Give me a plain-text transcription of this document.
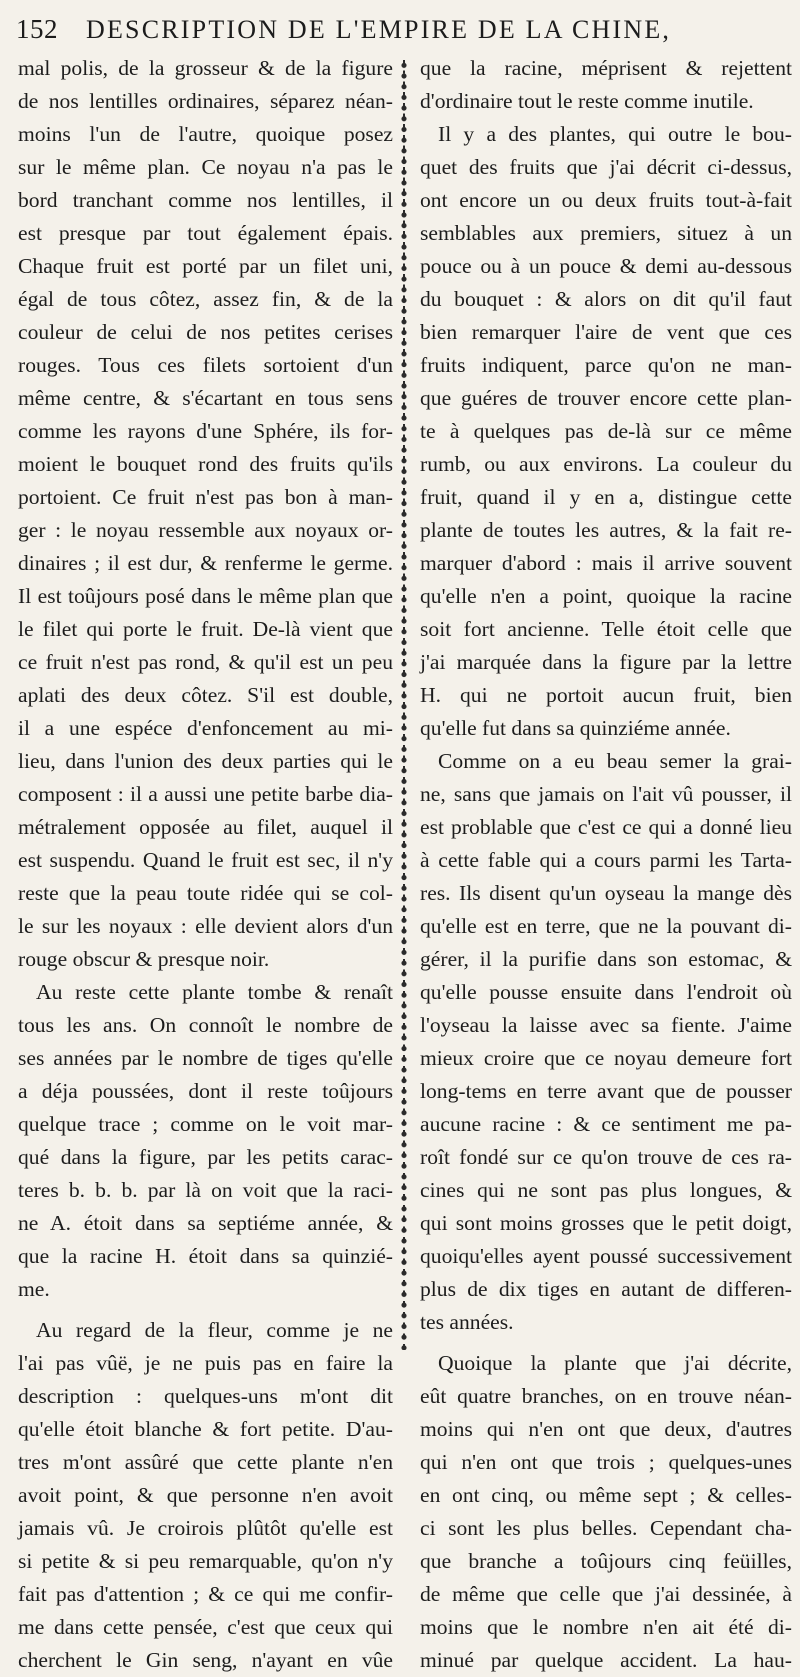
152 DESCRIPTION DE L'EMPIRE DE LA CHINE,
mal polis, de la grosseur & de la figure
de nos lentilles ordinaires, séparez néan-
moins l'un de l'autre, quoique posez
sur le même plan. Ce noyau n'a pas le
bord tranchant comme nos lentilles, il
est presque par tout également épais.
Chaque fruit est porté par un filet uni,
égal de tous côtez, assez fin, & de la
couleur de celui de nos petites cerises
rouges. Tous ces filets sortoient d'un
même centre, & s'écartant en tous sens
comme les rayons d'une Sphére, ils for-
moient le bouquet rond des fruits qu'ils
portoient. Ce fruit n'est pas bon à man-
ger : le noyau ressemble aux noyaux or-
dinaires ; il est dur, & renferme le germe.
Il est toûjours posé dans le même plan que
le filet qui porte le fruit. De-là vient que
ce fruit n'est pas rond, & qu'il est un peu
aplati des deux côtez. S'il est double,
il a une espéce d'enfoncement au mi-
lieu, dans l'union des deux parties qui le
composent : il a aussi une petite barbe dia-
métralement opposée au filet, auquel il
est suspendu. Quand le fruit est sec, il n'y
reste que la peau toute ridée qui se col-
le sur les noyaux : elle devient alors d'un
rouge obscur & presque noir.
Au reste cette plante tombe & renaît
tous les ans. On connoît le nombre de
ses années par le nombre de tiges qu'elle
a déja poussées, dont il reste toûjours
quelque trace ; comme on le voit mar-
qué dans la figure, par les petits carac-
teres b. b. b. par là on voit que la raci-
ne A. étoit dans sa septiéme année, &
que la racine H. étoit dans sa quinzié-
me.
Au regard de la fleur, comme je ne
l'ai pas vûë, je ne puis pas en faire la
description : quelques-uns m'ont dit
qu'elle étoit blanche & fort petite. D'au-
tres m'ont assûré que cette plante n'en
avoit point, & que personne n'en avoit
jamais vû. Je croirois plûtôt qu'elle est
si petite & si peu remarquable, qu'on n'y
fait pas d'attention ; & ce qui me confir-
me dans cette pensée, c'est que ceux qui
cherchent le Gin seng, n'ayant en vûe
que la racine, méprisent & rejettent
d'ordinaire tout le reste comme inutile.
Il y a des plantes, qui outre le bou-
quet des fruits que j'ai décrit ci-dessus,
ont encore un ou deux fruits tout-à-fait
semblables aux premiers, situez à un
pouce ou à un pouce & demi au-dessous
du bouquet : & alors on dit qu'il faut
bien remarquer l'aire de vent que ces
fruits indiquent, parce qu'on ne man-
que guéres de trouver encore cette plan-
te à quelques pas de-là sur ce même
rumb, ou aux environs. La couleur du
fruit, quand il y en a, distingue cette
plante de toutes les autres, & la fait re-
marquer d'abord : mais il arrive souvent
qu'elle n'en a point, quoique la racine
soit fort ancienne. Telle étoit celle que
j'ai marquée dans la figure par la lettre
H. qui ne portoit aucun fruit, bien
qu'elle fut dans sa quinziéme année.
Comme on a eu beau semer la grai-
ne, sans que jamais on l'ait vû pousser, il
est problable que c'est ce qui a donné lieu
à cette fable qui a cours parmi les Tarta-
res. Ils disent qu'un oyseau la mange dès
qu'elle est en terre, que ne la pouvant di-
gérer, il la purifie dans son estomac, &
qu'elle pousse ensuite dans l'endroit où
l'oyseau la laisse avec sa fiente. J'aime
mieux croire que ce noyau demeure fort
long-tems en terre avant que de pousser
aucune racine : & ce sentiment me pa-
roît fondé sur ce qu'on trouve de ces ra-
cines qui ne sont pas plus longues, &
qui sont moins grosses que le petit doigt,
quoiqu'elles ayent poussé successivement
plus de dix tiges en autant de differen-
tes années.
Quoique la plante que j'ai décrite,
eût quatre branches, on en trouve néan-
moins qui n'en ont que deux, d'autres
qui n'en ont que trois ; quelques-unes
en ont cinq, ou même sept ; & celles-
ci sont les plus belles. Cependant cha-
que branche a toûjours cinq feüilles,
de même que celle que j'ai dessinée, à
moins que le nombre n'en ait été di-
minué par quelque accident. La hau-
